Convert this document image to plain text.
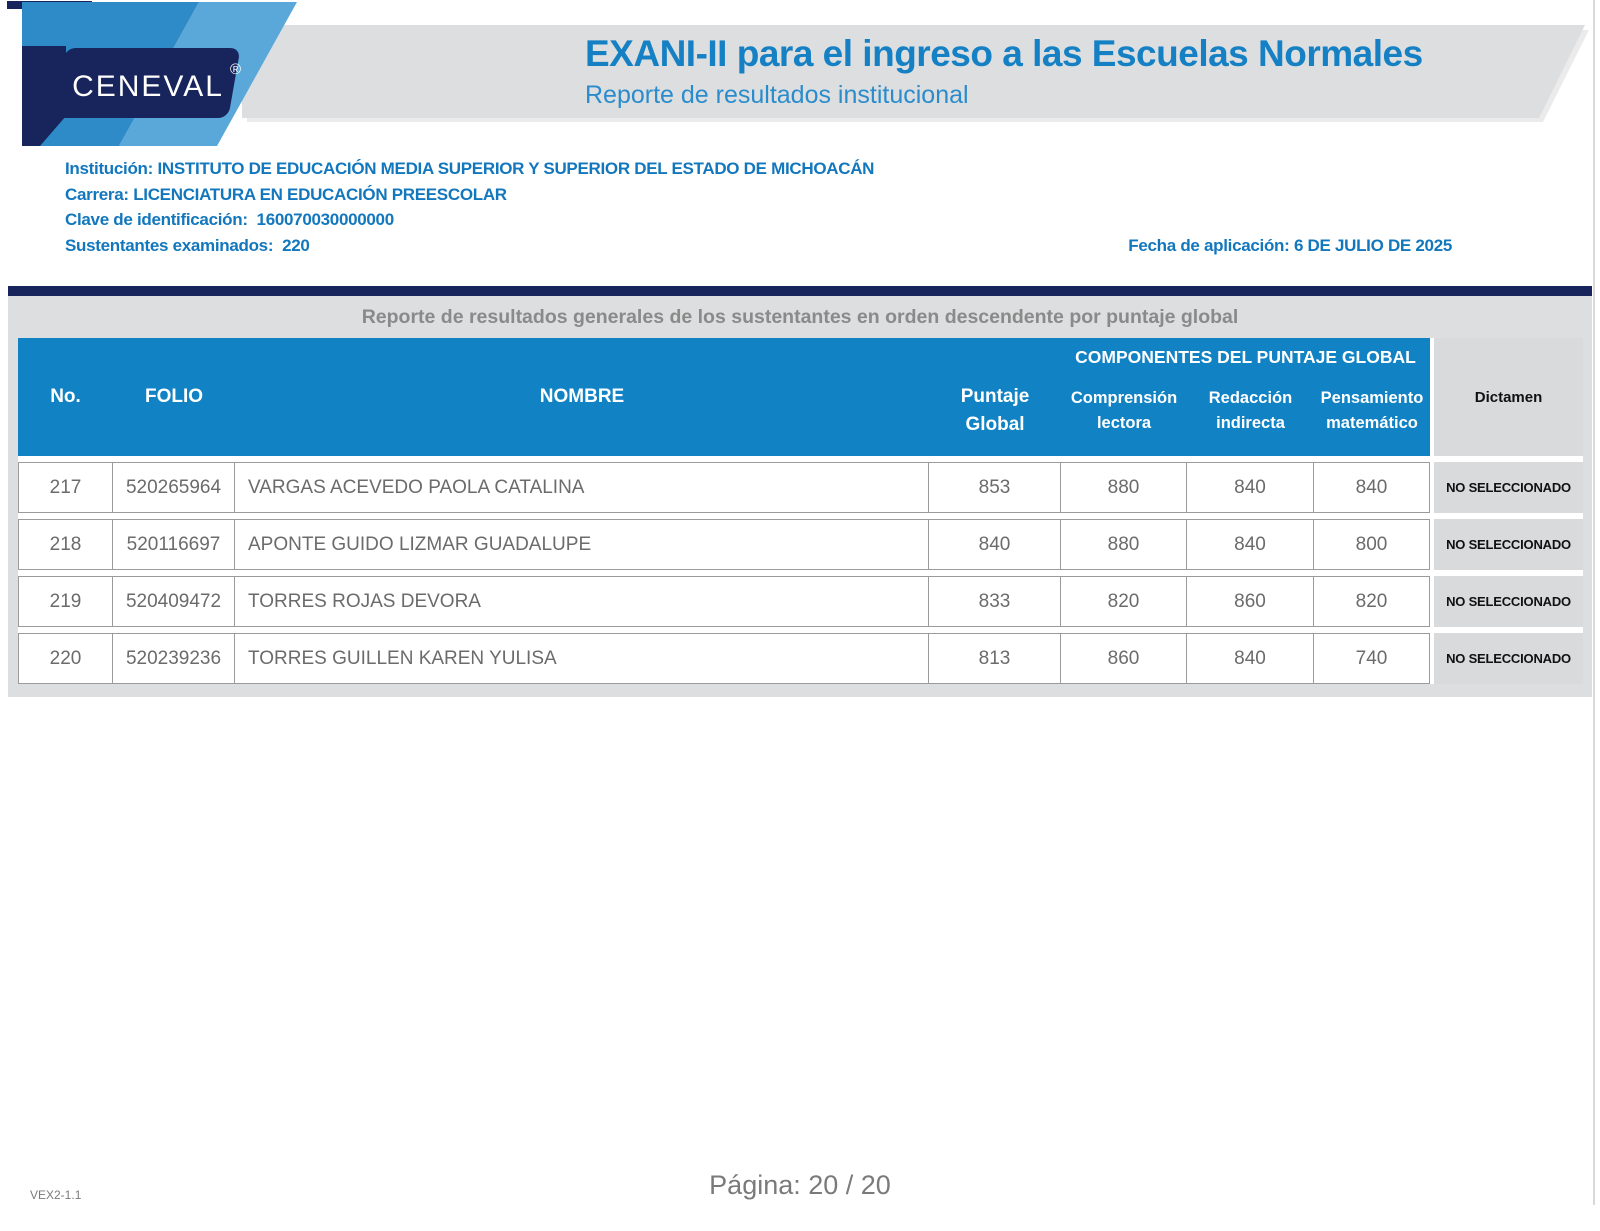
CENEVAL
®	EXANI-II para el ingreso a las Escuelas Normales
Reporte de resultados institucional
Institución: INSTITUTO DE EDUCACIÓN MEDIA SUPERIOR Y SUPERIOR DEL ESTADO DE MICHOACÁN
Carrera: LICENCIATURA EN EDUCACIÓN PREESCOLAR
Clave de identificación: 160070030000000
Sustentantes examinados: 220	Fecha de aplicación: 6 DE JULIO DE 2025
Reporte de resultados generales de los sustentantes en orden descendente por puntaje global
Dictamen
COMPONENTES DEL PUNTAJE GLOBAL
No.	FOLIO	NOMBRE	Puntaje Global
Comprensión lectora
Redacción indirecta
Pensamiento matemático
217	520265964	VARGAS ACEVEDO PAOLA CATALINA	853	880	840	840	NO SELECCIONADO
218	520116697	APONTE GUIDO LIZMAR GUADALUPE	840	880	840	800	NO SELECCIONADO
219	520409472	TORRES ROJAS DEVORA	833	820	860	820	NO SELECCIONADO
220	520239236	TORRES GUILLEN KAREN YULISA	813	860	840	740	NO SELECCIONADO
VEX2-1.1	Página: 20 / 20
